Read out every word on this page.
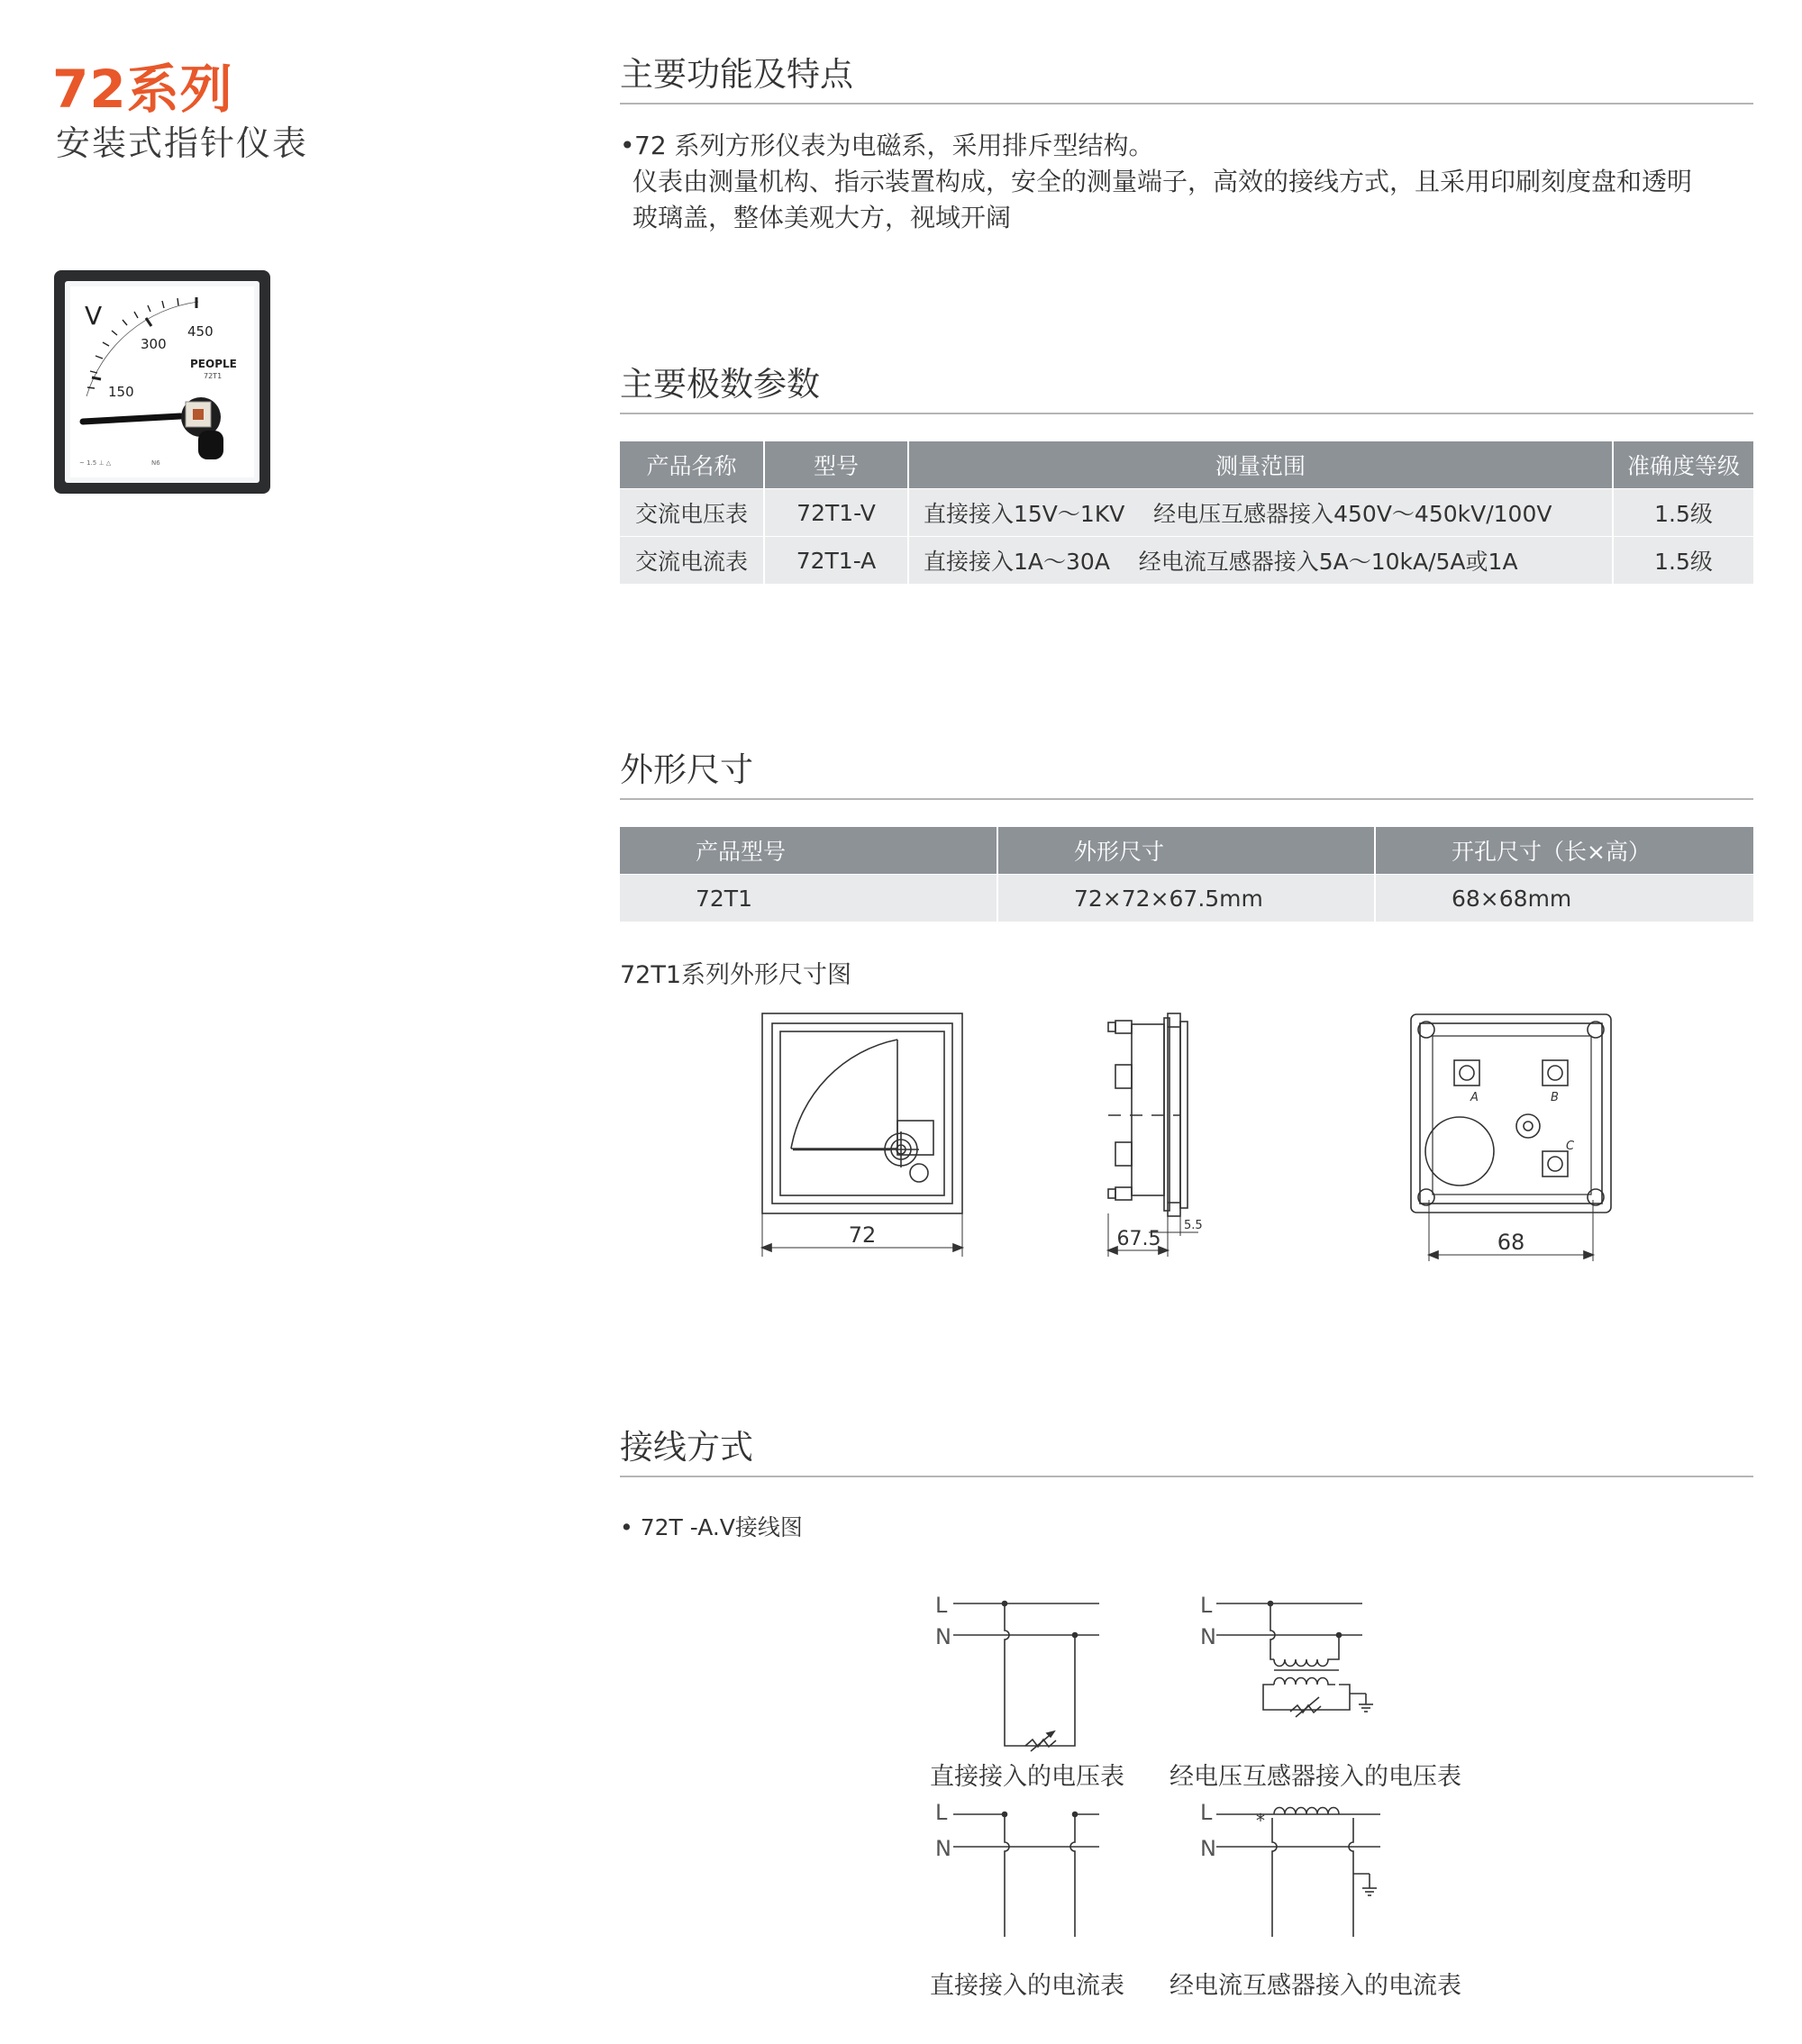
72系列
安装式指针仪表
V
150
300
450
PEOPLE
72T1
~ 1.5 ⊥ △	N6
主要功能及特点
• 72 系列方形仪表为电磁系，采用排斥型结构。
仪表由测量机构、指示装置构成，安全的测量端子，高效的接线方式，且采用印刷刻度盘和透明
玻璃盖，整体美观大方，视域开阔
主要极数参数
产品名称	型号	测量范围	准确度等级
交流电压表	72T1-V	直接接入15V～1KV    经电压互感器接入450V～450kV/100V	1.5级
交流电流表	72T1-A	直接接入1A～30A    经电流互感器接入5A～10kA/5A或1A	1.5级
外形尺寸
产品型号	外形尺寸	开孔尺寸（长×高）
72T1	72×72×67.5mm	68×68mm
72T1系列外形尺寸图
72	67.5
5.5
A	B
C
68
接线方式
• 72T -A.V接线图
L
N
L
N
L
N
L
N
*
直接接入的电压表	经电压互感器接入的电压表
直接接入的电流表	经电流互感器接入的电流表
